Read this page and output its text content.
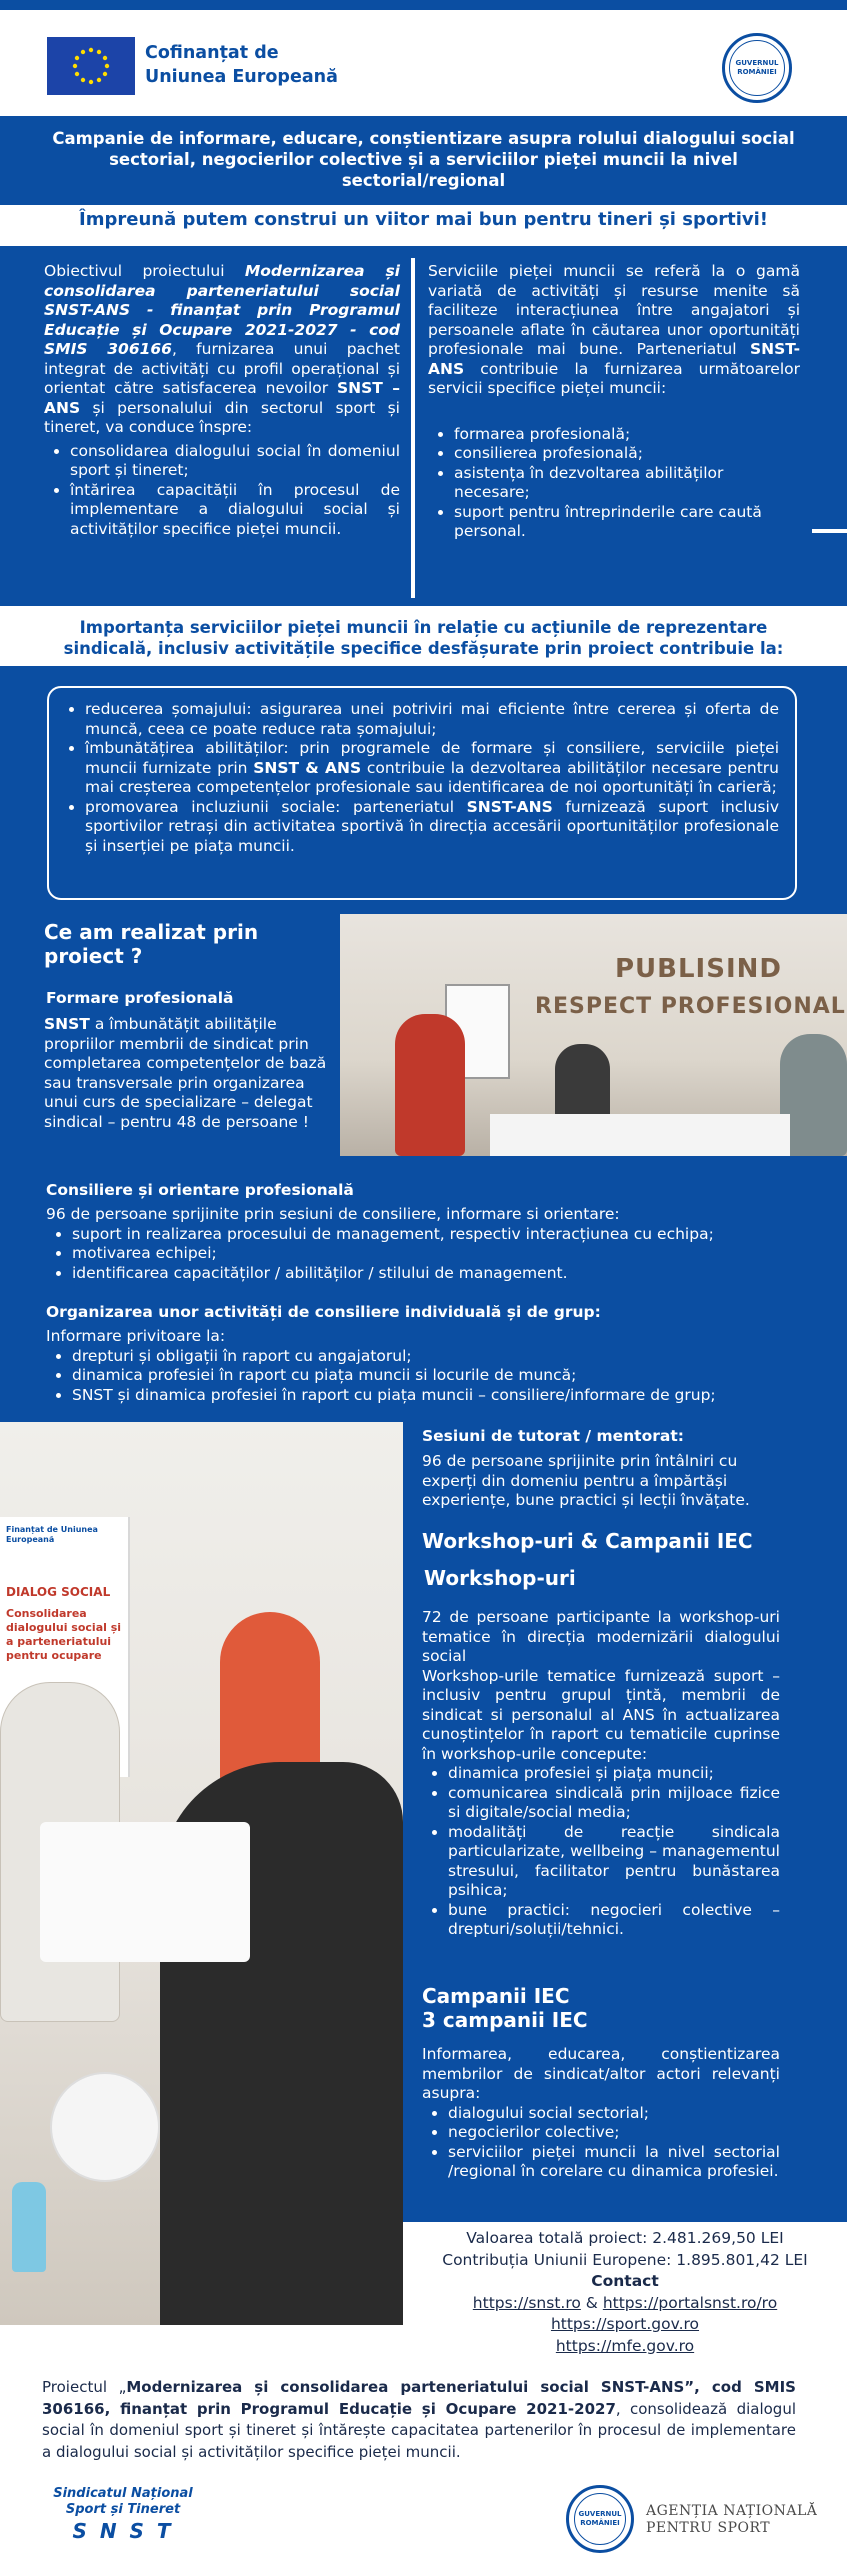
Cofinanțat de
Uniunea Europeană
GUVERNUL ROMÂNIEI
Campanie de informare, educare, conștientizare asupra rolului dialogului social sectorial, negocierilor colective și a serviciilor pieței muncii la nivel sectorial/regional
Împreună putem construi un viitor mai bun pentru tineri și sportivi!

Obiectivul proiectului Modernizarea și consolidarea parteneriatului social SNST-ANS - finanțat prin Programul Educație și Ocupare 2021-2027 - cod SMIS 306166, furnizarea unui pachet integrat de activități cu profil operațional și orientat către satisfacerea nevoilor SNST – ANS și personalului din sectorul sport și tineret, va conduce înspre:

• consolidarea dialogului social în domeniul sport și tineret;
• întărirea capacității în procesul de implementare a dialogului social și activităților specifice pieței muncii.

Serviciile pieței muncii se referă la o gamă variată de activități și resurse menite să faciliteze interacțiunea între angajatori și persoanele aflate în căutarea unor oportunități profesionale mai bune. Parteneriatul SNST-ANS contribuie la furnizarea următoarelor servicii specifice pieței muncii:

• formarea profesională;
• consilierea profesională;
• asistența în dezvoltarea abilităților necesare;
• suport pentru întreprinderile care caută personal.
Importanța serviciilor pieței muncii în relație cu acțiunile de reprezentare sindicală, inclusiv activitățile specifice desfășurate prin proiect contribuie la:
• reducerea șomajului: asigurarea unei potriviri mai eficiente între cererea și oferta de muncă, ceea ce poate reduce rata șomajului;
• îmbunătățirea abilităților: prin programele de formare și consiliere, serviciile pieței muncii furnizate prin SNST & ANS contribuie la dezvoltarea abilităților necesare pentru mai creșterea competențelor profesionale sau identificarea de noi oportunități în carieră;
• promovarea incluziunii sociale: parteneriatul SNST-ANS furnizează suport inclusiv sportivilor retrași din activitatea sportivă în direcția accesării oportunităților profesionale și inserției pe piața muncii.
Ce am realizat prin proiect ?
Formare profesională

SNST a îmbunătățit abilitățile propriilor membrii de sindicat prin completarea competențelor de bază sau transversale prin organizarea unui curs de specializare – delegat sindical – pentru 48 de persoane !

PUBLISIND
RESPECT PROFESIONAL
Consiliere și orientare profesională

96 de persoane sprijinite prin sesiuni de consiliere, informare si orientare:

• suport in realizarea procesului de management, respectiv interacțiunea cu echipa;
• motivarea echipei;
• identificarea capacităților / abilităților / stilului de management.
Organizarea unor activități de consiliere individuală și de grup:

Informare privitoare la:

• drepturi și obligații în raport cu angajatorul;
• dinamica profesiei în raport cu piața muncii si locurile de muncă;
• SNST și dinamica profesiei în raport cu piața muncii – consiliere/informare de grup;
Finanțat de Uniunea Europeană
DIALOG SOCIAL
Consolidarea dialogului social și a parteneriatului pentru ocupare
Sesiuni de tutorat / mentorat:

96 de persoane sprijinite prin întâlniri cu experți din domeniu pentru a împărtăși experiențe, bune practici și lecții învățate.

Workshop-uri & Campanii IEC
Workshop-uri

72 de persoane participante la workshop-uri tematice în direcția modernizării dialogului social

Workshop-urile tematice furnizează suport – inclusiv pentru grupul țintă, membrii de sindicat si personalul al ANS în actualizarea cunoștințelor în raport cu tematicile cuprinse în workshop-urile concepute:

• dinamica profesiei și piața muncii;
• comunicarea sindicală prin mijloace fizice si digitale/social media;
• modalități de reacție sindicala particularizate, wellbeing – managementul stresului, facilitator pentru bunăstarea psihica;
• bune practici: negocieri colective – drepturi/soluții/tehnici.
Campanii IEC
3 campanii IEC

Informarea, educarea, conștientizarea membrilor de sindicat/altor actori relevanți asupra:

• dialogului social sectorial;
• negocierilor colective;
• serviciilor pieței muncii la nivel sectorial /regional în corelare cu dinamica profesiei.
Valoarea totală proiect: 2.481.269,50 LEI
Contribuția Uniunii Europene: 1.895.801,42 LEI
Contact
https://snst.ro & https://portalsnst.ro/ro
https://sport.gov.ro
https://mfe.gov.ro
Proiectul „Modernizarea și consolidarea parteneriatului social SNST-ANS”, cod SMIS 306166, finanțat prin Programul Educație și Ocupare 2021-2027, consolidează dialogul social în domeniul sport și tineret și întărește capacitatea partenerilor în procesul de implementare a dialogului social și activităților specifice pieței muncii.
Sindicatul Național
Sport și Tineret
S N S T
GUVERNUL ROMÂNIEI
AGENȚIA NAȚIONALĂ
PENTRU SPORT
